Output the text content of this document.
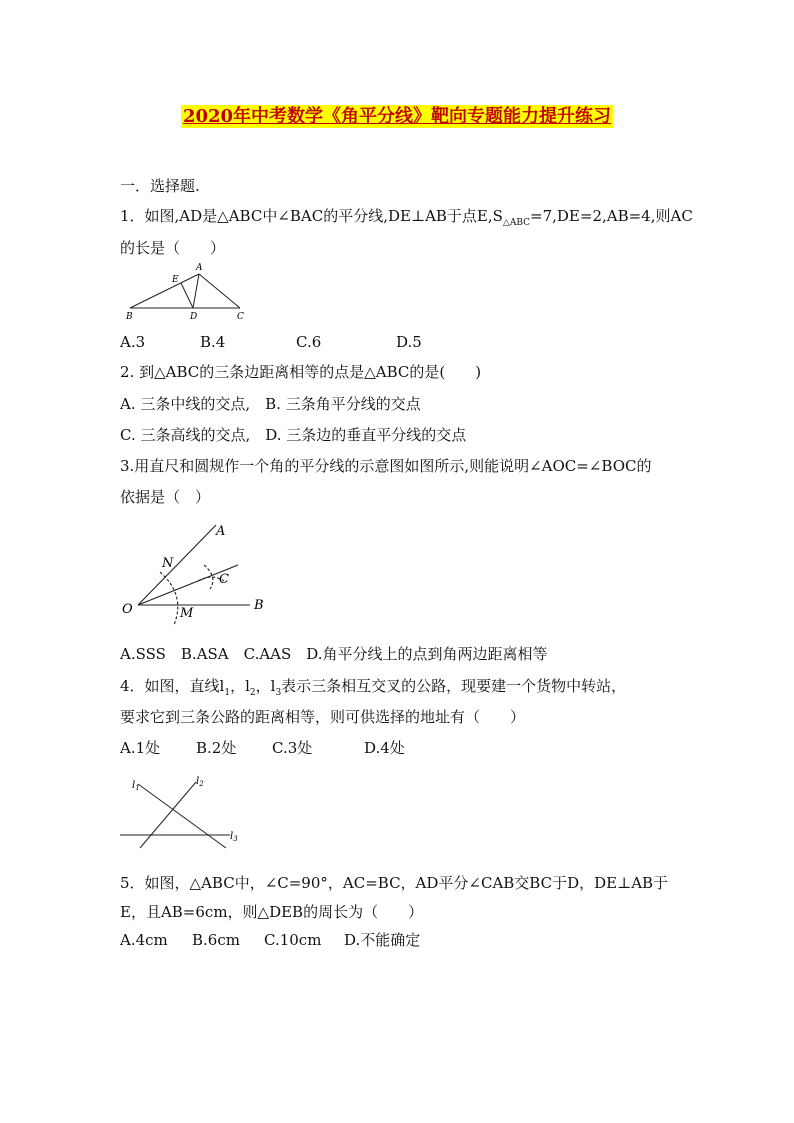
2020年中考数学《角平分线》靶向专题能力提升练习
一．选择题.
1．如图,AD是△ABC中∠BAC的平分线,DE⊥AB于点$E,S_{\triangle ABC}=7,DE=2,AB=4$,则AC
的长是（　　）
A
E
B	D	C
A.3	B.4	C.6	D.5
2. 到△ABC的三条边距离相等的点是△ABC的是(　　)
A. 三条中线的交点,　B. 三条角平分线的交点
C. 三条高线的交点,　D. 三条边的垂直平分线的交点
3.用直尺和圆规作一个角的平分线的示意图如图所示,则能说明∠AOC=∠BOC的
依据是（　）
A
N
C
O	M
B
A.SSS　B.ASA　C.AAS　D.角平分线上的点到角两边距离相等
4．如图，直线$l_1$，$l_2$，$l_3$表示三条相互交叉的公路，现要建一个货物中转站，
要求它到三条公路的距离相等，则可供选择的地址有（　　）
A.1处 B.2处 C.3处	D.4处
$l_1$
$l_2$
$l_3$
5．如图，△ABC中，∠C=90°，AC=BC，AD平分∠CAB交BC于D，DE⊥AB于
E，且AB=6cm，则△DEB的周长为（　　）
A.4cm B.6cm C.10cm D.不能确定
